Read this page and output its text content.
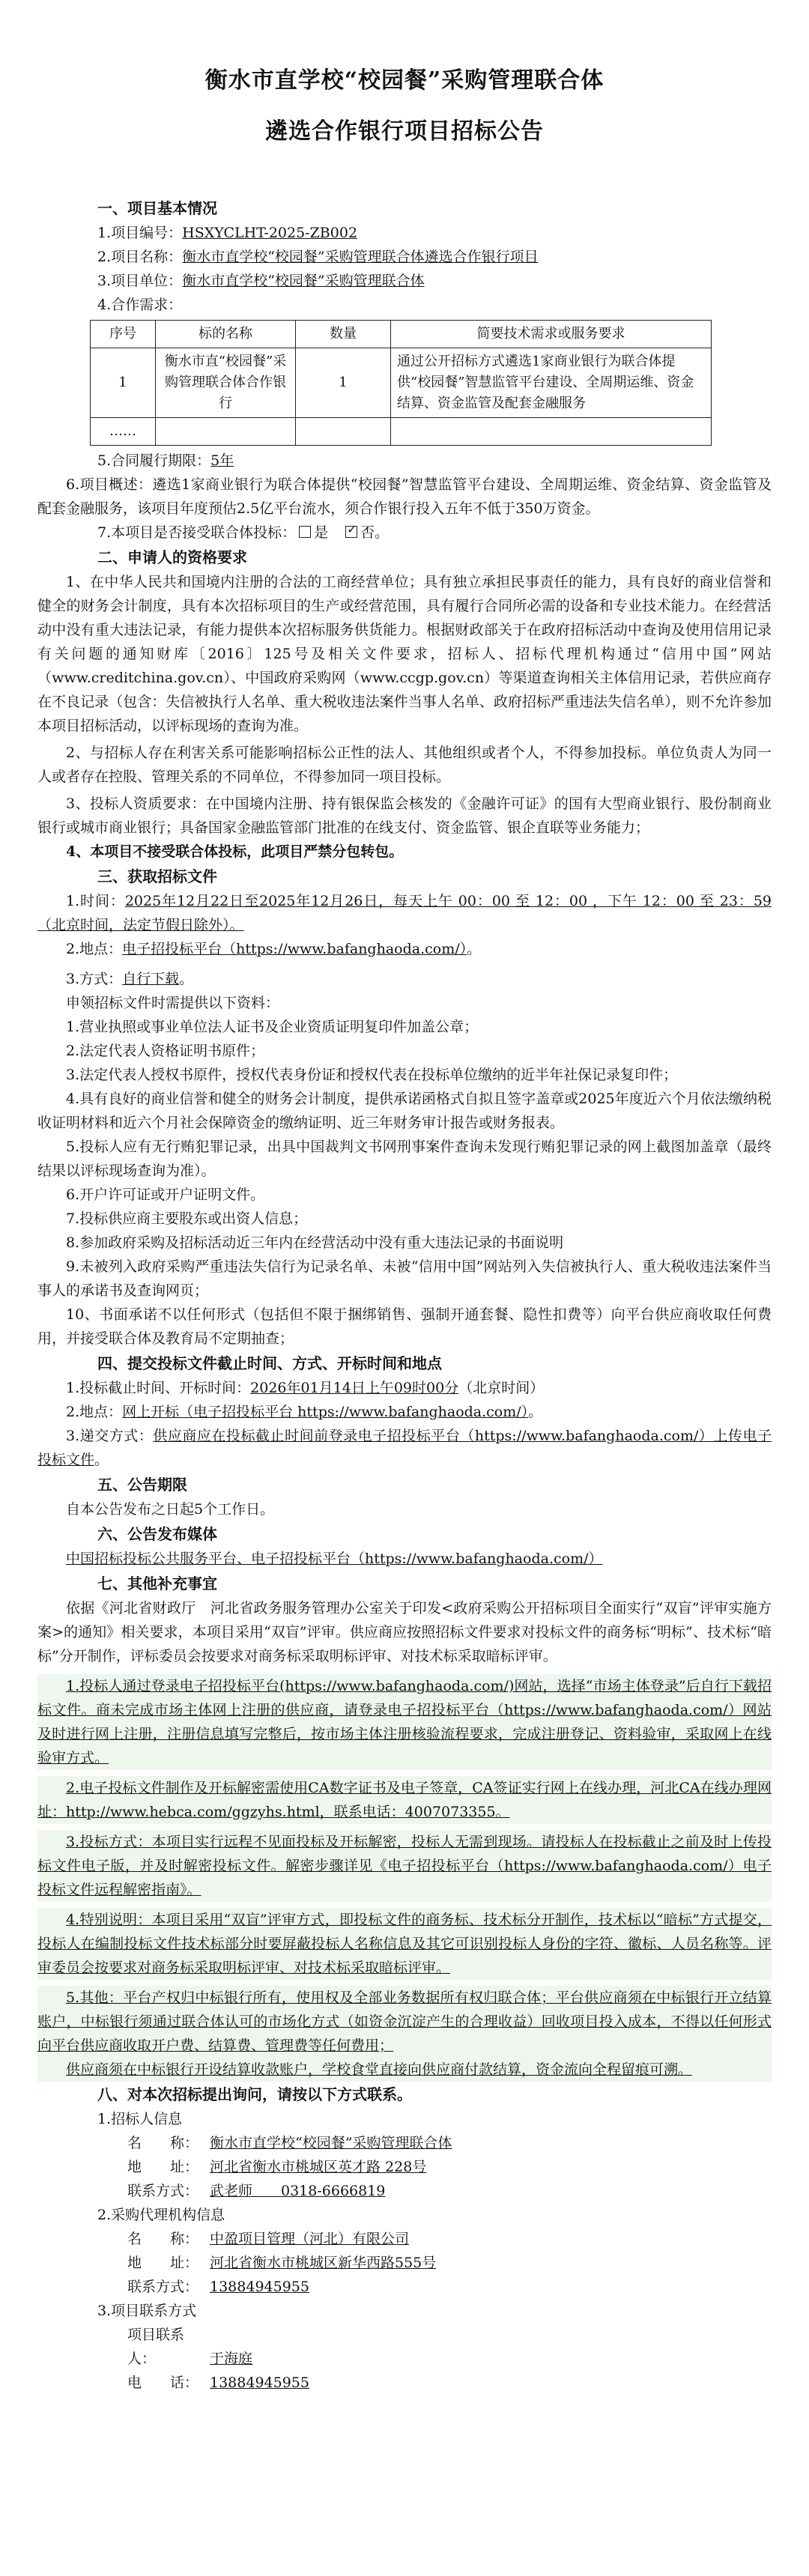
衡水市直学校“校园餐”采购管理联合体

遴选合作银行项目招标公告

一、项目基本情况

1.项目编号：HSXYCLHT-2025-ZB002

2.项目名称：衡水市直学校“校园餐”采购管理联合体遴选合作银行项目

3.项目单位：衡水市直学校“校园餐”采购管理联合体

4.合作需求：

序号	标的名称	数量	简要技术需求或服务要求
1	衡水市直“校园餐”采购管理联合体合作银行	1	通过公开招标方式遴选1家商业银行为联合体提供“校园餐”智慧监管平台建设、全周期运维、资金结算、资金监管及配套金融服务
……			

5.合同履行期限：5年

6.项目概述：遴选1家商业银行为联合体提供“校园餐”智慧监管平台建设、全周期运维、资金结算、资金监管及配套金融服务，该项目年度预估2.5亿平台流水，须合作银行投入五年不低于350万资金。

7.本项目是否接受联合体投标： 是　 ✓ 否。

二、申请人的资格要求

1、在中华人民共和国境内注册的合法的工商经营单位；具有独立承担民事责任的能力，具有良好的商业信誉和健全的财务会计制度，具有本次招标项目的生产或经营范围，具有履行合同所必需的设备和专业技术能力。在经营活动中没有重大违法记录，有能力提供本次招标服务供货能力。根据财政部关于在政府招标活动中查询及使用信用记录有关问题的通知财库〔2016〕125号及相关文件要求，招标人、招标代理机构通过“信用中国”网站（www.creditchina.gov.cn）、中国政府采购网（www.ccgp.gov.cn）等渠道查询相关主体信用记录，若供应商存在不良记录（包含：失信被执行人名单、重大税收违法案件当事人名单、政府招标严重违法失信名单），则不允许参加本项目招标活动，以评标现场的查询为准。

2、与招标人存在利害关系可能影响招标公正性的法人、其他组织或者个人，不得参加投标。单位负责人为同一人或者存在控股、管理关系的不同单位，不得参加同一项目投标。

3、投标人资质要求：在中国境内注册、持有银保监会核发的《金融许可证》的国有大型商业银行、股份制商业银行或城市商业银行；具备国家金融监管部门批准的在线支付、资金监管、银企直联等业务能力；

4、本项目不接受联合体投标，此项目严禁分包转包。

三、获取招标文件

1.时间：2025年12月22日至2025年12月26日，每天上午 00：00 至 12：00 ，下午 12：00 至 23：59 （北京时间，法定节假日除外）。

2.地点：电子招投标平台（https://www.bafanghaoda.com/）。

3.方式：自行下载。

申领招标文件时需提供以下资料：

1.营业执照或事业单位法人证书及企业资质证明复印件加盖公章；

2.法定代表人资格证明书原件；

3.法定代表人授权书原件，授权代表身份证和授权代表在投标单位缴纳的近半年社保记录复印件；

4.具有良好的商业信誉和健全的财务会计制度，提供承诺函格式自拟且签字盖章或2025年度近六个月依法缴纳税收证明材料和近六个月社会保障资金的缴纳证明、近三年财务审计报告或财务报表。

5.投标人应有无行贿犯罪记录，出具中国裁判文书网刑事案件查询未发现行贿犯罪记录的网上截图加盖章（最终结果以评标现场查询为准）。

6.开户许可证或开户证明文件。

7.投标供应商主要股东或出资人信息；

8.参加政府采购及招标活动近三年内在经营活动中没有重大违法记录的书面说明

9.未被列入政府采购严重违法失信行为记录名单、未被“信用中国”网站列入失信被执行人、重大税收违法案件当事人的承诺书及查询网页；

10、书面承诺不以任何形式（包括但不限于捆绑销售、强制开通套餐、隐性扣费等）向平台供应商收取任何费用，并接受联合体及教育局不定期抽查；

四、提交投标文件截止时间、方式、开标时间和地点

1.投标截止时间、开标时间：2026年01月14日上午09时00分（北京时间）

2.地点：网上开标（电子招投标平台 https://www.bafanghaoda.com/）。

3.递交方式：供应商应在投标截止时间前登录电子招投标平台（https://www.bafanghaoda.com/）上传电子投标文件。

五、公告期限

自本公告发布之日起5个工作日。

六、公告发布媒体

中国招标投标公共服务平台、电子招投标平台（https://www.bafanghaoda.com/）

七、其他补充事宜

依据《河北省财政厅　河北省政务服务管理办公室关于印发<政府采购公开招标项目全面实行“双盲”评审实施方案>的通知》相关要求，本项目采用“双盲”评审。供应商应按照招标文件要求对投标文件的商务标“明标”、技术标“暗标”分开制作，评标委员会按要求对商务标采取明标评审、对技术标采取暗标评审。

1.投标人通过登录电子招投标平台(https://www.bafanghaoda.com/)网站，选择“市场主体登录”后自行下载招标文件。商未完成市场主体网上注册的供应商，请登录电子招投标平台（https://www.bafanghaoda.com/）网站及时进行网上注册，注册信息填写完整后，按市场主体注册核验流程要求，完成注册登记、资料验审，采取网上在线验审方式。

2.电子投标文件制作及开标解密需使用CA数字证书及电子签章，CA签证实行网上在线办理，河北CA在线办理网址：http://www.hebca.com/ggzyhs.html，联系电话：4007073355。

3.投标方式：本项目实行远程不见面投标及开标解密，投标人无需到现场。请投标人在投标截止之前及时上传投标文件电子版，并及时解密投标文件。解密步骤详见《电子招投标平台（https://www.bafanghaoda.com/）电子投标文件远程解密指南》。

4.特别说明：本项目采用“双盲”评审方式，即投标文件的商务标、技术标分开制作，技术标以“暗标”方式提交，投标人在编制投标文件技术标部分时要屏蔽投标人名称信息及其它可识别投标人身份的字符、徽标、人员名称等。评审委员会按要求对商务标采取明标评审、对技术标采取暗标评审。

5.其他：平台产权归中标银行所有，使用权及全部业务数据所有权归联合体；平台供应商须在中标银行开立结算账户，中标银行须通过联合体认可的市场化方式（如资金沉淀产生的合理收益）回收项目投入成本，不得以任何形式向平台供应商收取开户费、结算费、管理费等任何费用；

供应商须在中标银行开设结算收款账户，学校食堂直接向供应商付款结算，资金流向全程留痕可溯。

八、对本次招标提出询问，请按以下方式联系。

1.招标人信息

名　　称： 衡水市直学校“校园餐”采购管理联合体

地　　址： 河北省衡水市桃城区英才路 228号

联系方式： 武老师　　0318-6666819

2.采购代理机构信息

名　　称： 中盈项目管理（河北）有限公司

地　　址： 河北省衡水市桃城区新华西路555号

联系方式： 13884945955

3.项目联系方式

项目联系人：	于海庭

电　　话： 13884945955
